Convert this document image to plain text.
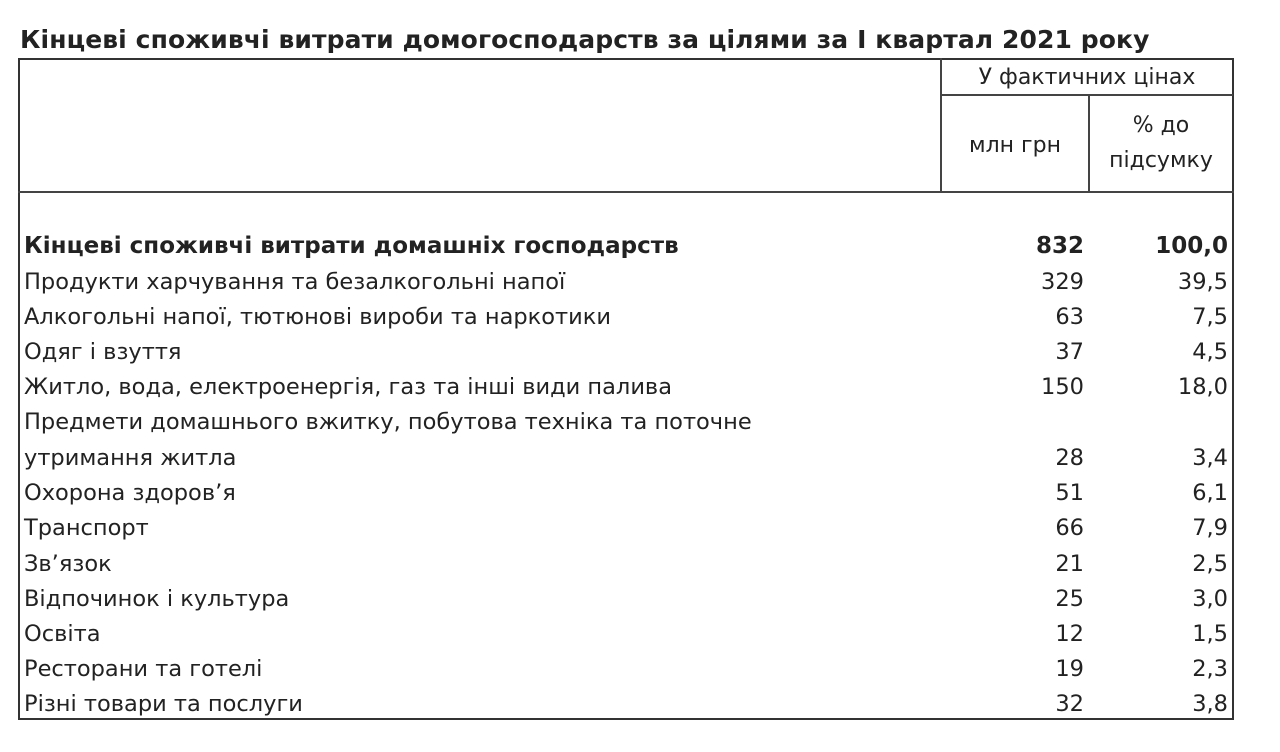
Кінцеві споживчі витрати домогосподарств за цілями за І квартал 2021 року
У фактичних цінах
млн грн
% до
підсумку
Кінцеві споживчі витрати домашніх господарств	832	100,0
Продукти харчування та безалкогольні напої	329	39,5
Алкогольні напої, тютюнові вироби та наркотики	63	7,5
Одяг і взуття	37	4,5
Житло, вода, електроенергія, газ та інші види палива	150	18,0
Предмети домашнього вжитку, побутова техніка та поточне
утримання житла	28	3,4
Охорона здоров’я	51	6,1
Транспорт	66	7,9
Зв’язок	21	2,5
Відпочинок і культура	25	3,0
Освіта	12	1,5
Ресторани та готелі	19	2,3
Різні товари та послуги	32	3,8
